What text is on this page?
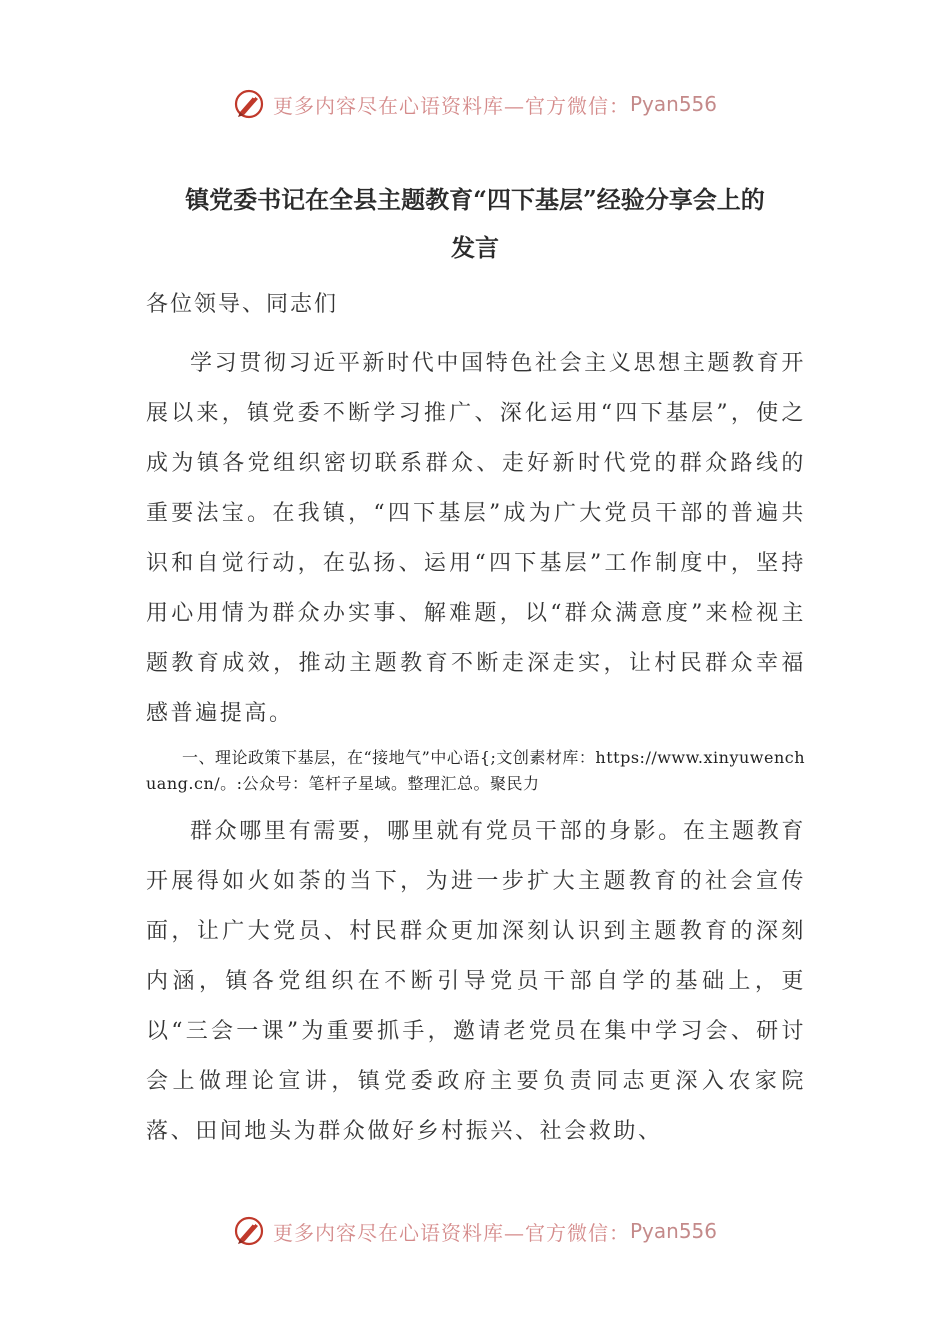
更多内容尽在心语资料库—官方微信： Pyan556
镇党委书记在全县主题教育“四下基层”经验分享会上的
发言
各位领导、同志们

学习贯彻习近平新时代中国特色社会主义思想主题教育开展以来，镇党委不断学习推广、深化运用“四下基层”，使之成为镇各党组织密切联系群众、走好新时代党的群众路线的重要法宝。在我镇，“四下基层”成为广大党员干部的普遍共识和自觉行动，在弘扬、运用“四下基层”工作制度中，坚持用心用情为群众办实事、解难题，以“群众满意度”来检视主题教育成效，推动主题教育不断走深走实，让村民群众幸福感普遍提高。

一、理论政策下基层，在“接地气”中心语{;文创素材库：https://www.xinyuwenchuang.cn/。:公众号：笔杆子星域。整理汇总。聚民力

群众哪里有需要，哪里就有党员干部的身影。在主题教育开展得如火如荼的当下，为进一步扩大主题教育的社会宣传面，让广大党员、村民群众更加深刻认识到主题教育的深刻内涵，镇各党组织在不断引导党员干部自学的基础上，更以“三会一课”为重要抓手，邀请老党员在集中学习会、研讨会上做理论宣讲，镇党委政府主要负责同志更深入农家院落、田间地头为群众做好乡村振兴、社会救助、

更多内容尽在心语资料库—官方微信： Pyan556
